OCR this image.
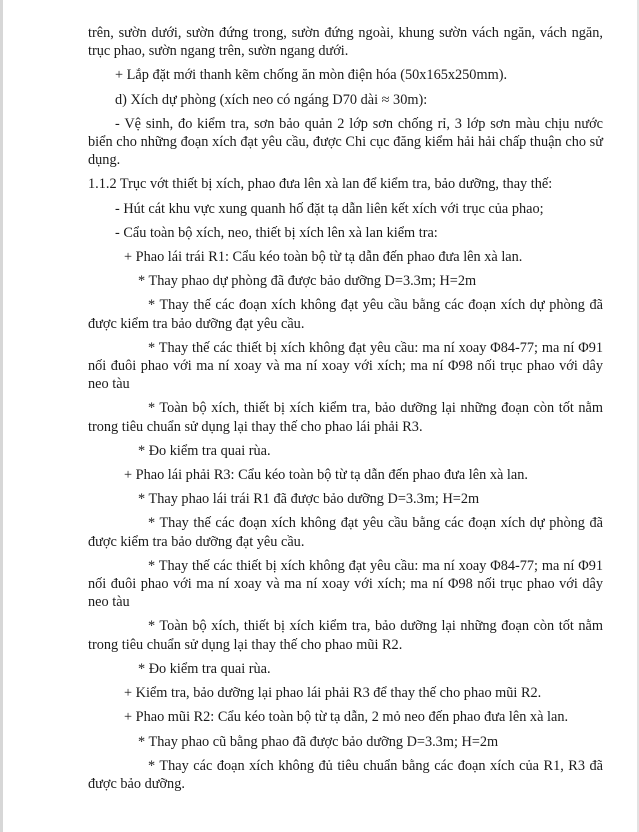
trên, sườn dưới, sườn đứng trong, sườn đứng ngoài, khung sườn vách ngăn, vách ngăn, trục phao, sườn ngang trên, sườn ngang dưới.

+ Lắp đặt mới thanh kẽm chống ăn mòn điện hóa (50x165x250mm).

d) Xích dự phòng (xích neo có ngáng D70 dài ≈ 30m):

- Vệ sinh, đo kiểm tra, sơn bảo quản 2 lớp sơn chống rỉ, 3 lớp sơn màu chịu nước biển cho những đoạn xích đạt yêu cầu, được Chi cục đăng kiểm hải hải chấp thuận cho sử dụng.

1.1.2 Trục vớt thiết bị xích, phao đưa lên xà lan để kiểm tra, bảo dưỡng, thay thế:

- Hút cát khu vực xung quanh hố đặt tạ dẫn liên kết xích với trục của phao;

- Cẩu toàn bộ xích, neo, thiết bị xích lên xà lan kiểm tra:

+ Phao lái trái R1: Cẩu kéo toàn bộ từ tạ dẫn đến phao đưa lên xà lan.

* Thay phao dự phòng đã được bảo dưỡng D=3.3m; H=2m

* Thay thế các đoạn xích không đạt yêu cầu bằng các đoạn xích dự phòng đã được kiểm tra bảo dưỡng đạt yêu cầu.

* Thay thế các thiết bị xích không đạt yêu cầu: ma ní xoay Φ84-77; ma ní Φ91 nối đuôi phao với ma ní xoay và ma ní xoay với xích; ma ní Φ98 nối trục phao với dây neo tàu

* Toàn bộ xích, thiết bị xích kiểm tra, bảo dưỡng lại những đoạn còn tốt nằm trong tiêu chuẩn sử dụng lại thay thế cho phao lái phải R3.

* Đo kiểm tra quai rùa.

+ Phao lái phải R3: Cẩu kéo toàn bộ từ tạ dẫn đến phao đưa lên xà lan.

* Thay phao lái trái R1 đã được bảo dưỡng D=3.3m; H=2m

* Thay thế các đoạn xích không đạt yêu cầu bằng các đoạn xích dự phòng đã được kiểm tra bảo dưỡng đạt yêu cầu.

* Thay thế các thiết bị xích không đạt yêu cầu: ma ní xoay Φ84-77; ma ní Φ91 nối đuôi phao với ma ní xoay và ma ní xoay với xích; ma ní Φ98 nối trục phao với dây neo tàu

* Toàn bộ xích, thiết bị xích kiểm tra, bảo dưỡng lại những đoạn còn tốt nằm trong tiêu chuẩn sử dụng lại thay thế cho phao mũi R2.

* Đo kiểm tra quai rùa.

+ Kiểm tra, bảo dưỡng lại phao lái phải R3 để thay thế cho phao mũi R2.

+ Phao mũi R2: Cẩu kéo toàn bộ từ tạ dẫn, 2 mỏ neo đến phao đưa lên xà lan.

* Thay phao cũ bằng phao đã được bảo dưỡng D=3.3m; H=2m

* Thay các đoạn xích không đủ tiêu chuẩn bằng các đoạn xích của R1, R3 đã được bảo dưỡng.
